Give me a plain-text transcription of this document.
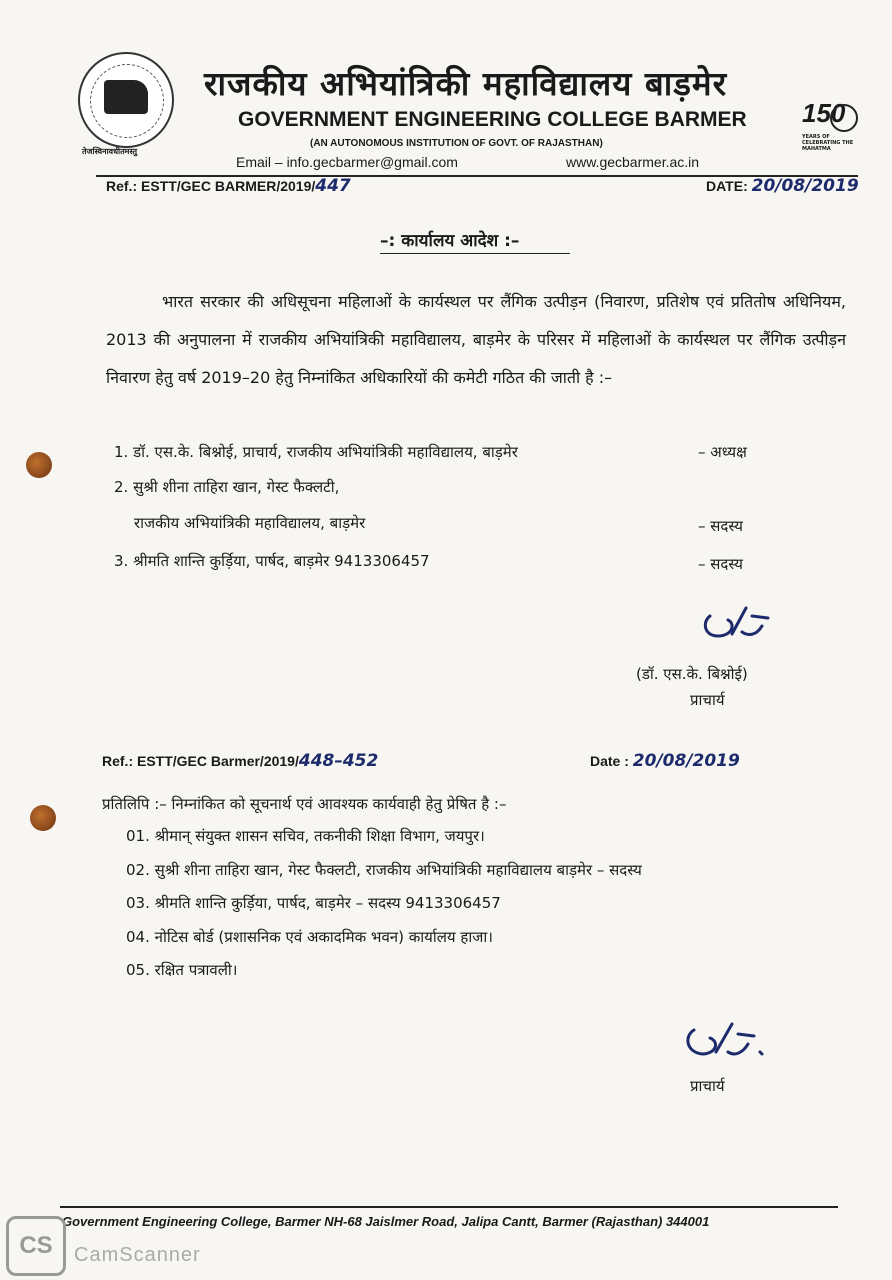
तेजस्विनावधीतमस्तु
राजकीय अभियांत्रिकी महाविद्यालय बाड़मेर
GOVERNMENT ENGINEERING COLLEGE BARMER
(AN AUTONOMOUS INSTITUTION OF GOVT. OF RAJASTHAN)
Email – info.gecbarmer@gmail.com	www.gecbarmer.ac.in
150
YEARS OF CELEBRATING THE MAHATMA
Ref.: ESTT/GEC BARMER/2019/447	DATE: 20/08/2019
–: कार्यालय आदेश :–
भारत सरकार की अधिसूचना महिलाओं के कार्यस्थल पर लैंगिक उत्पीड़न (निवारण, प्रतिशेष एवं प्रतितोष अधिनियम, 2013 की अनुपालना में राजकीय अभियांत्रिकी महाविद्यालय, बाड़मेर के परिसर में महिलाओं के कार्यस्थल पर लैंगिक उत्पीड़न निवारण हेतु वर्ष 2019–20 हेतु निम्नांकित अधिकारियों की कमेटी गठित की जाती है :–
1. डॉ. एस.के. बिश्नोई, प्राचार्य, राजकीय अभियांत्रिकी महाविद्यालय, बाड़मेर	– अध्यक्ष
2. सुश्री शीना ताहिरा खान, गेस्ट फैक्लटी,
राजकीय अभियांत्रिकी महाविद्यालय, बाड़मेर	– सदस्य
3. श्रीमति शान्ति कुर्ड़िया, पार्षद, बाड़मेर 9413306457	– सदस्य
(डॉ. एस.के. बिश्नोई)
प्राचार्य
Ref.: ESTT/GEC Barmer/2019/448–452	Date : 20/08/2019
प्रतिलिपि :– निम्नांकित को सूचनार्थ एवं आवश्यक कार्यवाही हेतु प्रेषित है :–
01. श्रीमान् संयुक्त शासन सचिव, तकनीकी शिक्षा विभाग, जयपुर।
02. सुश्री शीना ताहिरा खान, गेस्ट फैक्लटी, राजकीय अभियांत्रिकी महाविद्यालय बाड़मेर – सदस्य
03. श्रीमति शान्ति कुर्ड़िया, पार्षद, बाड़मेर – सदस्य 9413306457
04. नोटिस बोर्ड (प्रशासनिक एवं अकादमिक भवन) कार्यालय हाजा।
05. रक्षित पत्रावली।
प्राचार्य
Government Engineering College, Barmer NH-68 Jaislmer Road, Jalipa Cantt, Barmer (Rajasthan) 344001
CS	CamScanner
